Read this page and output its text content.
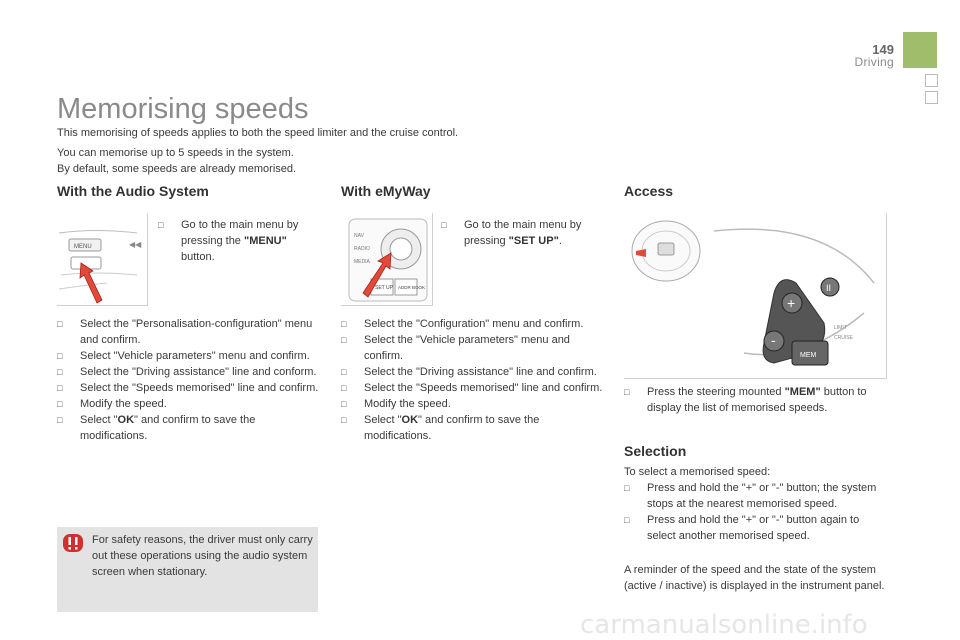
149
Driving
Memorising speeds
This memorising of speeds applies to both the speed limiter and the cruise control.
You can memorise up to 5 speeds in the system.
By default, some speeds are already memorised.
With the Audio System
MENU	◀◀
□ Go to the main menu by pressing the "MENU" button.
□ Select the "Personalisation-configuration" menu and confirm.
□ Select "Vehicle parameters" menu and confirm.
□ Select the "Driving assistance" line and conform.
□ Select the "Speeds memorised" line and confirm.
□ Modify the speed.
□ Select "OK" and confirm to save the modifications.
For safety reasons, the driver must only carry out these operations using the audio system screen when stationary.
With eMyWay
NAV
RADIO
MEDIA
SET UP ADDR BOOK
□ Go to the main menu by pressing "SET UP".
□ Select the "Configuration" menu and confirm.
□ Select the "Vehicle parameters" menu and confirm.
□ Select the "Driving assistance" line and confirm.
□ Select the "Speeds memorised" line and confirm.
□ Modify the speed.
□ Select "OK" and confirm to save the modifications.
Access
+
-
MEM
II
LIMIT
CRUISE
□ Press the steering mounted "MEM" button to display the list of memorised speeds.
Selection
To select a memorised speed:
□ Press and hold the "+" or "-" button; the system stops at the nearest memorised speed.
□ Press and hold the "+" or "-" button again to select another memorised speed.
A reminder of the speed and the state of the system (active / inactive) is displayed in the instrument panel.
carmanualsonline.info
